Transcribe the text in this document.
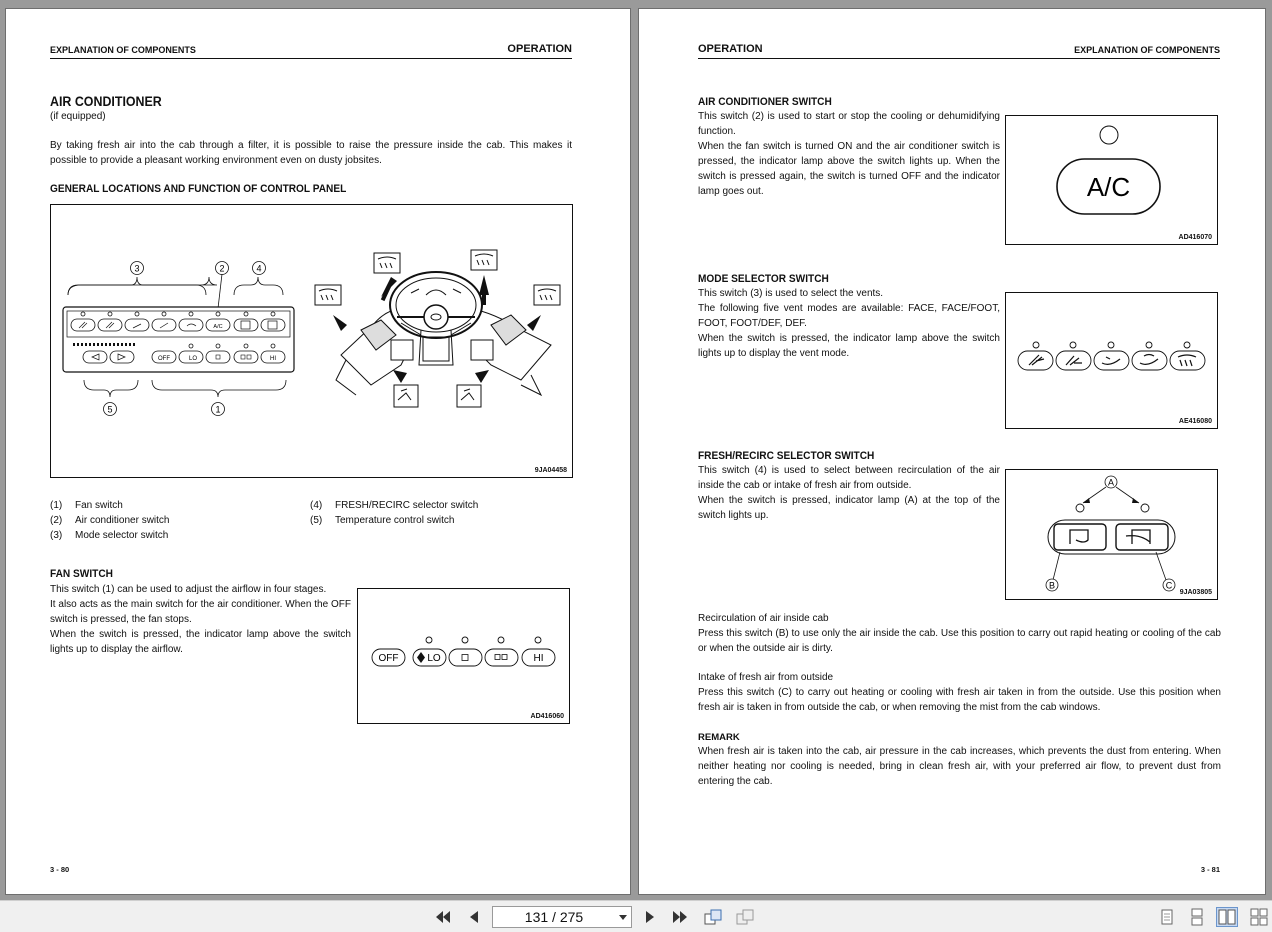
EXPLANATION OF COMPONENTS	OPERATION
AIR CONDITIONER
(if equipped)
By taking fresh air into the cab through a filter, it is possible to raise the pressure inside the cab. This makes it possible to provide a pleasant working environment even on dusty jobsites.
GENERAL LOCATIONS AND FUNCTION OF CONTROL PANEL
3	2	4
A/C
OFF	LO	HI
5	1
9JA04458
(1) Fan switch
(2) Air conditioner switch
(3) Mode selector switch
(4) FRESH/RECIRC selector switch
(5) Temperature control switch
FAN SWITCH

This switch (1) can be used to adjust the airflow in four stages.

It also acts as the main switch for the air conditioner. When the OFF switch is pressed, the fan stops.

When the switch is pressed, the indicator lamp above the switch lights up to display the airflow.

OFF	LO	HI
AD416060
3 - 80
OPERATION	EXPLANATION OF COMPONENTS
AIR CONDITIONER SWITCH

This switch (2) is used to start or stop the cooling or dehumidifying function.

When the fan switch is turned ON and the air conditioner switch is pressed, the indicator lamp above the switch lights up. When the switch is pressed again, the switch is turned OFF and the indicator lamp goes out.	A/C
AD416070
MODE SELECTOR SWITCH

This switch (3) is used to select the vents.

The following five vent modes are available: FACE, FACE/FOOT, FOOT, FOOT/DEF, DEF.

When the switch is pressed, the indicator lamp above the switch lights up to display the vent mode.

AE416080
FRESH/RECIRC SELECTOR SWITCH

This switch (4) is used to select between recirculation of the air inside the cab or intake of fresh air from outside.

When the switch is pressed, indicator lamp (A) at the top of the switch lights up.

A
B	C
9JA03805
Recirculation of air inside cab
Press this switch (B) to use only the air inside the cab. Use this position to carry out rapid heating or cooling of the cab or when the outside air is dirty.
Intake of fresh air from outside
Press this switch (C) to carry out heating or cooling with fresh air taken in from the outside. Use this position when fresh air is taken in from outside the cab, or when removing the mist from the cab windows.
REMARK
When fresh air is taken into the cab, air pressure in the cab increases, which prevents the dust from entering. When neither heating nor cooling is needed, bring in clean fresh air, with your preferred air flow, to prevent dust from entering the cab.
3 - 81
131 / 275
